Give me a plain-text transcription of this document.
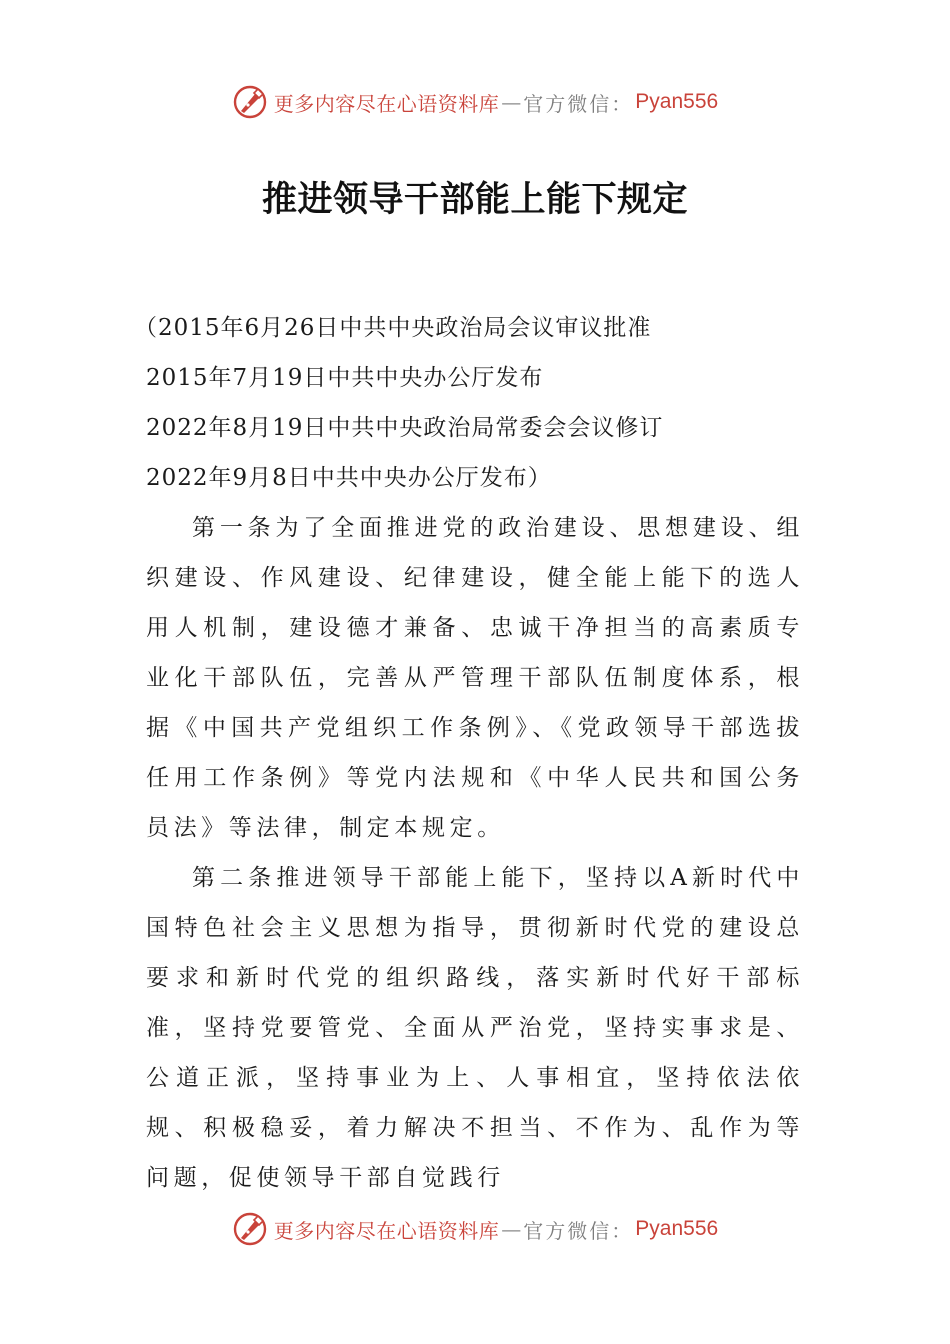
更多内容尽在心语资料库 — 官方微信： Pyan556
推进领导干部能上能下规定
（2015年6月26日中共中央政治局会议审议批准
2015年7月19日中共中央办公厅发布
2022年8月19日中共中央政治局常委会会议修订
2022年9月8日中共中央办公厅发布）

第一条为了全面推进党的政治建设、思想建设、组织建设、作风建设、纪律建设，健全能上能下的选人用人机制，建设德才兼备、忠诚干净担当的高素质专业化干部队伍，完善从严管理干部队伍制度体系，根据《中国共产党组织工作条例》、《党政领导干部选拔任用工作条例》等党内法规和《中华人民共和国公务员法》等法律，制定本规定。

第二条推进领导干部能上能下，坚持以A新时代中国特色社会主义思想为指导，贯彻新时代党的建设总要求和新时代党的组织路线，落实新时代好干部标准，坚持党要管党、全面从严治党，坚持实事求是、公道正派，坚持事业为上、人事相宜，坚持依法依规、积极稳妥，着力解决不担当、不作为、乱作为等问题，促使领导干部自觉践行

更多内容尽在心语资料库 — 官方微信： Pyan556
